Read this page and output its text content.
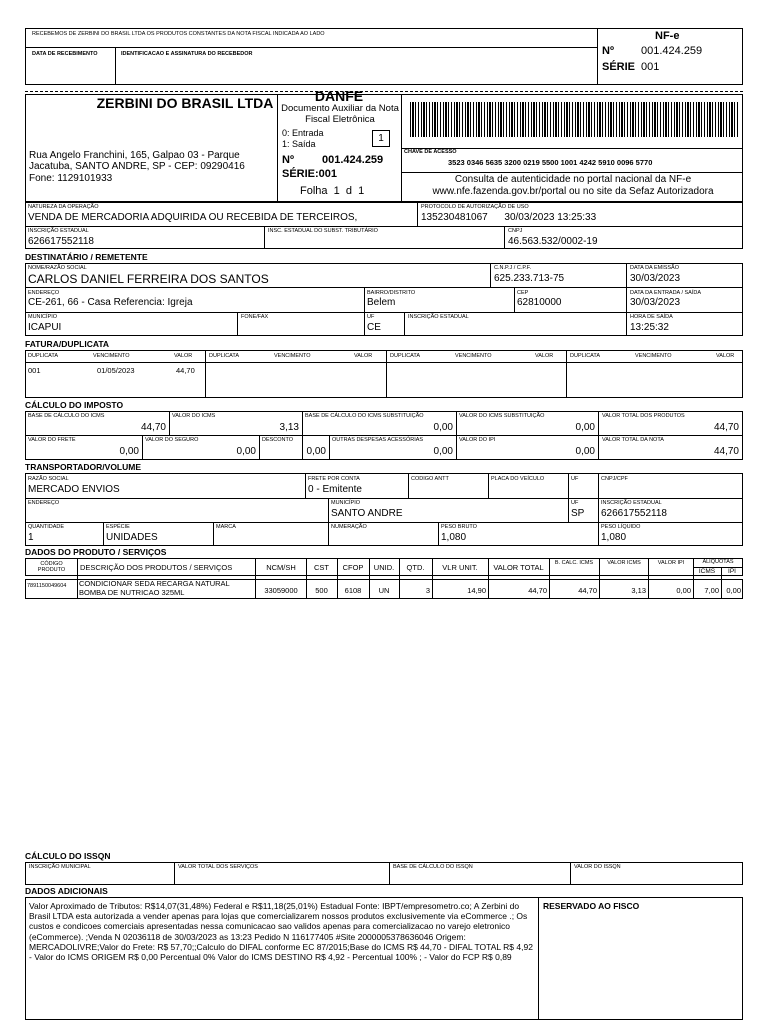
RECEBEMOS DE ZERBINI DO BRASIL LTDA OS PRODUTOS CONSTANTES DA NOTA FISCAL INDICADA AO LADO
DATA DE RECEBIMENTO	IDENTIFICACAO E ASSINATURA DO RECEBEDOR
NF-e
Nº 001.424.259
SÉRIE 001
ZERBINI DO BRASIL LTDA
Rua Angelo Franchini, 165, Galpao 03 - Parque Jacatuba, SANTO ANDRE, SP - CEP: 09290416
Fone: 1129101933
DANFE
Documento Auxiliar da Nota Fiscal Eletrônica
0: Entrada
1: Saída	1
Nº	001.424.259
SÉRIE:001
Folha  1  d  1
CHAVE DE ACESSO
3523 0346 5635 3200 0219 5500 1001 4242 5910 0096 5770
Consulta de autenticidade no portal nacional da NF-e www.nfe.fazenda.gov.br/portal ou no site da Sefaz Autorizadora
NATUREZA DA OPERAÇÃO
VENDA DE MERCADORIA ADQUIRIDA OU RECEBIDA DE TERCEIROS,
PROTOCOLO DE AUTORIZAÇÃO DE USO
135230481067      30/03/2023 13:25:33
INSCRIÇÃO ESTADUAL
626617552118
INSC. ESTADUAL DO SUBST. TRIBUTÁRIO	CNPJ
46.563.532/0002-19
DESTINATÁRIO / REMETENTE
NOME/RAZÃO SOCIAL
CARLOS DANIEL FERREIRA DOS SANTOS
C.N.P.J / C.P.F.
625.233.713-75
DATA DA EMISSÃO
30/03/2023
ENDEREÇO
CE-261, 66 - Casa Referencia: Igreja
BAIRRO/DISTRITO
Belem
CEP
62810000
DATA DA ENTRADA / SAÍDA
30/03/2023
MUNICÍPIO
ICAPUI
FONE/FAX	UF
CE
INSCRIÇÃO ESTADUAL	HORA DE SAÍDA
13:25:32
FATURA/DUPLICATA
DUPLICATA	VENCIMENTO	VALOR	DUPLICATA	VENCIMENTO	VALOR	DUPLICATA	VENCIMENTO	VALOR	DUPLICATA	VENCIMENTO	VALOR
001	01/05/2023	44,70
CÁLCULO DO IMPOSTO
BASE DE CÁLCULO DO ICMS
44,70
VALOR DO ICMS
3,13
BASE DE CÁLCULO DO ICMS SUBSTITUIÇÃO
0,00
VALOR DO ICMS SUBSTITUIÇÃO
0,00
VALOR TOTAL DOS PRODUTOS
44,70
VALOR DO FRETE
0,00
VALOR DO SEGURO
0,00
DESCONTO
0,00
OUTRAS DESPESAS ACESSÓRIAS
0,00
VALOR DO IPI
0,00
VALOR TOTAL DA NOTA
44,70
TRANSPORTADOR/VOLUME
RAZÃO SOCIAL
MERCADO ENVIOS
FRETE POR CONTA
0 - Emitente
CODIGO ANTT	PLACA DO VEÍCULO	UF	CNPJ/CPF
ENDEREÇO	MUNICÍPIO
SANTO ANDRE
UF
SP
INSCRIÇÃO ESTADUAL
626617552118
QUANTIDADE
1
ESPÉCIE
UNIDADES
MARCA	NUMERAÇÃO	PESO BRUTO
1,080
PESO LÍQUIDO
1,080
DADOS DO PRODUTO / SERVIÇOS
CÓDIGO PRODUTO	DESCRIÇÃO DOS PRODUTOS / SERVIÇOS	NCM/SH	CST	CFOP	UNID.	QTD.	VLR UNIT.	VALOR TOTAL	B. CALC. ICMS	VALOR ICMS	VALOR IPI	ALÍQUOTAS
ICMS	IPI
7891150049604 CONDICIONAR SEDA RECARGA NATURAL BOMBA DE NUTRICAO 325ML	33059000	500	6108	UN	3	14,90	44,70	44,70	3,13	0,00	7,00 0,00
CÁLCULO DO ISSQN
INSCRIÇÃO MUNICIPAL	VALOR TOTAL DOS SERVIÇOS	BASE DE CÁLCULO DO ISSQN	VALOR DO ISSQN
DADOS ADICIONAIS
Valor Aproximado de Tributos: R$14,07(31,48%) Federal e R$11,18(25,01%) Estadual Fonte: IBPT/empresometro.co; A Zerbini do Brasil LTDA esta autorizada a vender apenas para lojas que comercializarem nossos produtos exclusivemente via eCommerce .; Os custos e condicoes comerciais apresentadas nessa comunicacao sao validos apenas para comercializacao no varejo eletronico (eCommerce). ;Venda N 02036118 de 30/03/2023 as 13:23 Pedido N 116177405 #Site 2000005378636046 Origem: MERCADOLIVRE;Valor do Frete: R$ 57,70;;Calculo do DIFAL conforme EC 87/2015;Base do ICMS R$ 44,70 - DIFAL TOTAL R$ 4,92 - Valor do ICMS ORIGEM R$ 0,00 Percentual 0% Valor do ICMS DESTINO R$ 4,92 - Percentual 100% ; - Valor do FCP R$ 0,89
RESERVADO AO FISCO
